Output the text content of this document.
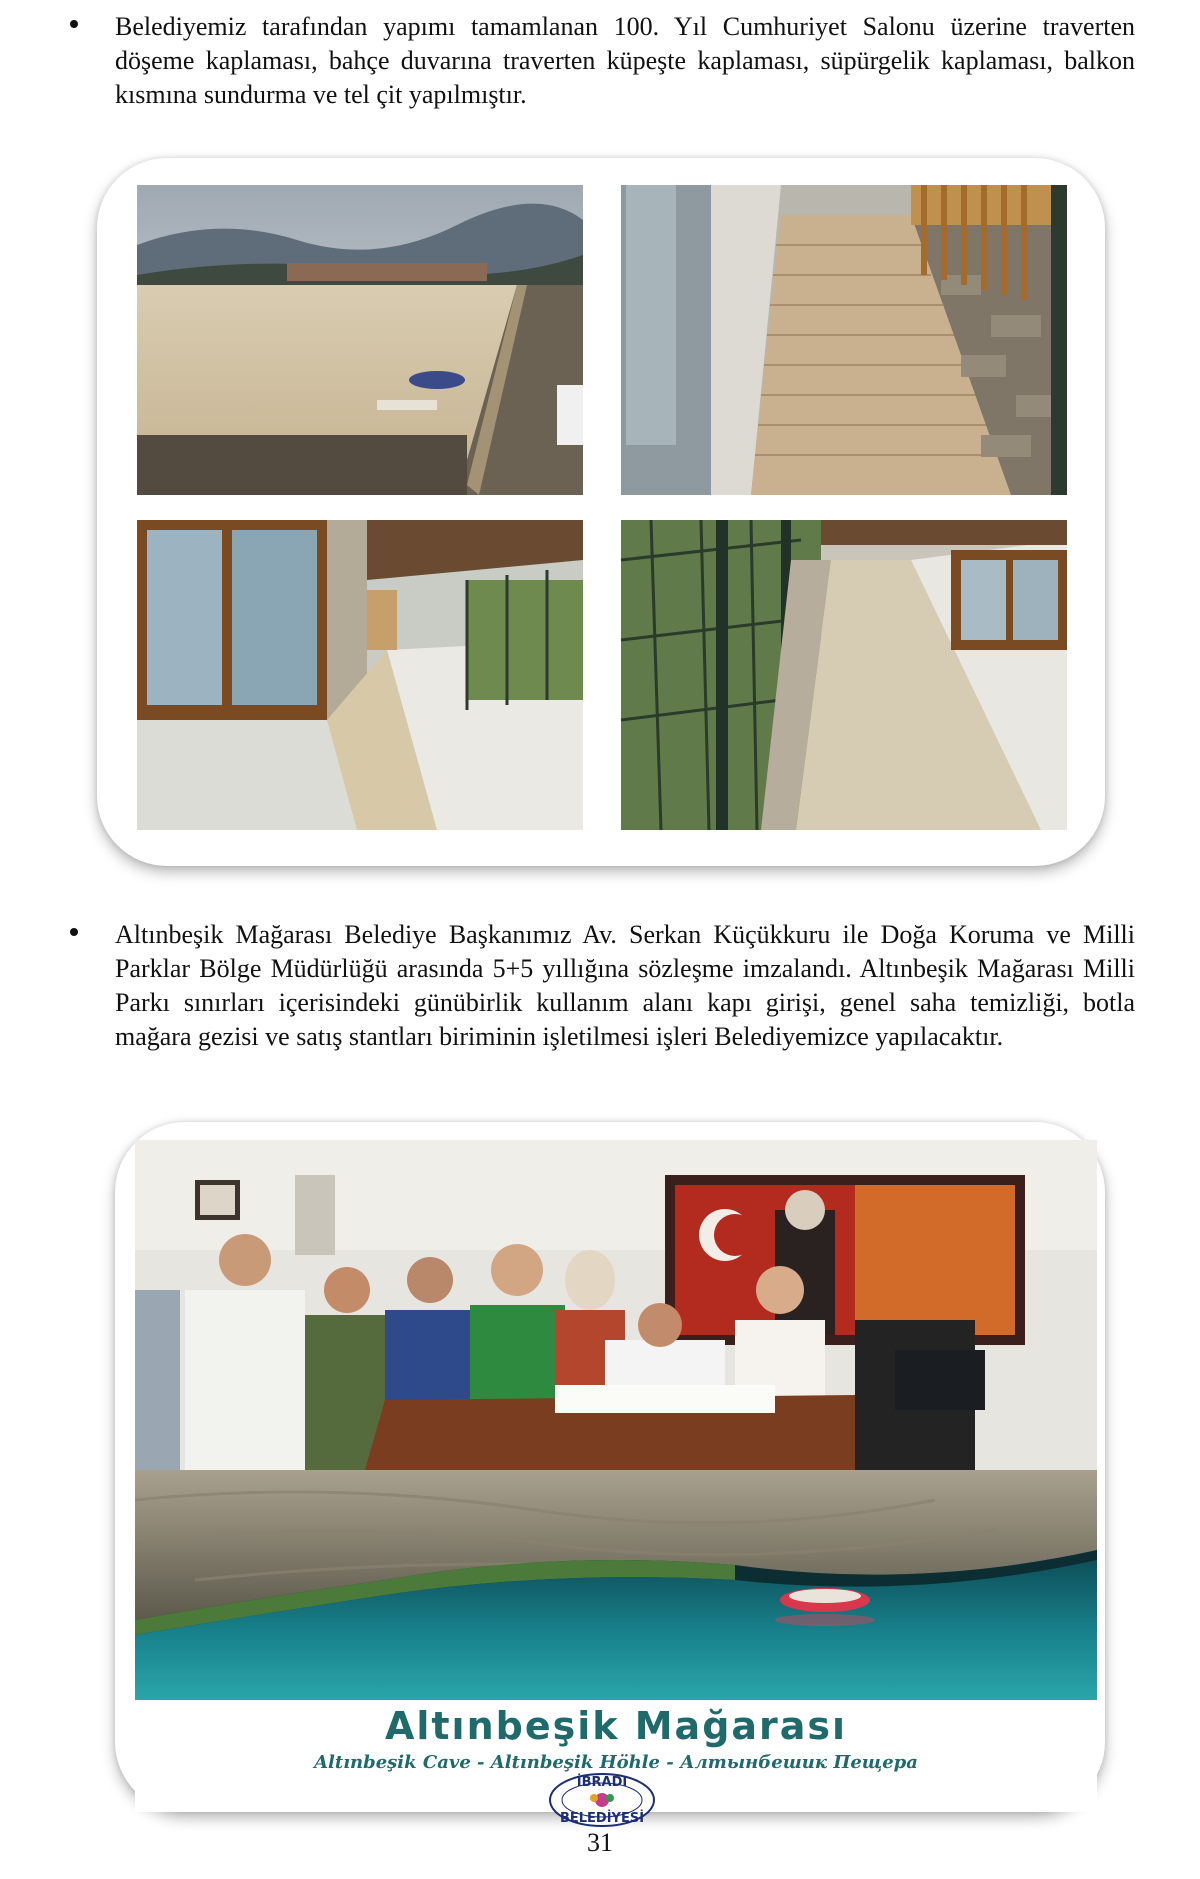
Belediyemiz tarafından yapımı tamamlanan 100. Yıl Cumhuriyet Salonu üzerine traverten döşeme kaplaması, bahçe duvarına traverten küpeşte kaplaması, süpürgelik kaplaması, balkon kısmına sundurma ve tel çit yapılmıştır.
Altınbeşik Mağarası Belediye Başkanımız Av. Serkan Küçükkuru ile Doğa Koruma ve Milli Parklar Bölge Müdürlüğü arasında 5+5 yıllığına sözleşme imzalandı. Altınbeşik Mağarası Milli Parkı sınırları içerisindeki günübirlik kullanım alanı kapı girişi, genel saha temizliği, botla mağara gezisi ve satış stantları biriminin işletilmesi işleri Belediyemizce yapılacaktır.
Altınbeşik Mağarası
Altınbeşik Cave - Altınbeşik Höhle - Алтынбешик Пещера
İBRADI
BELEDİYESİ
31
